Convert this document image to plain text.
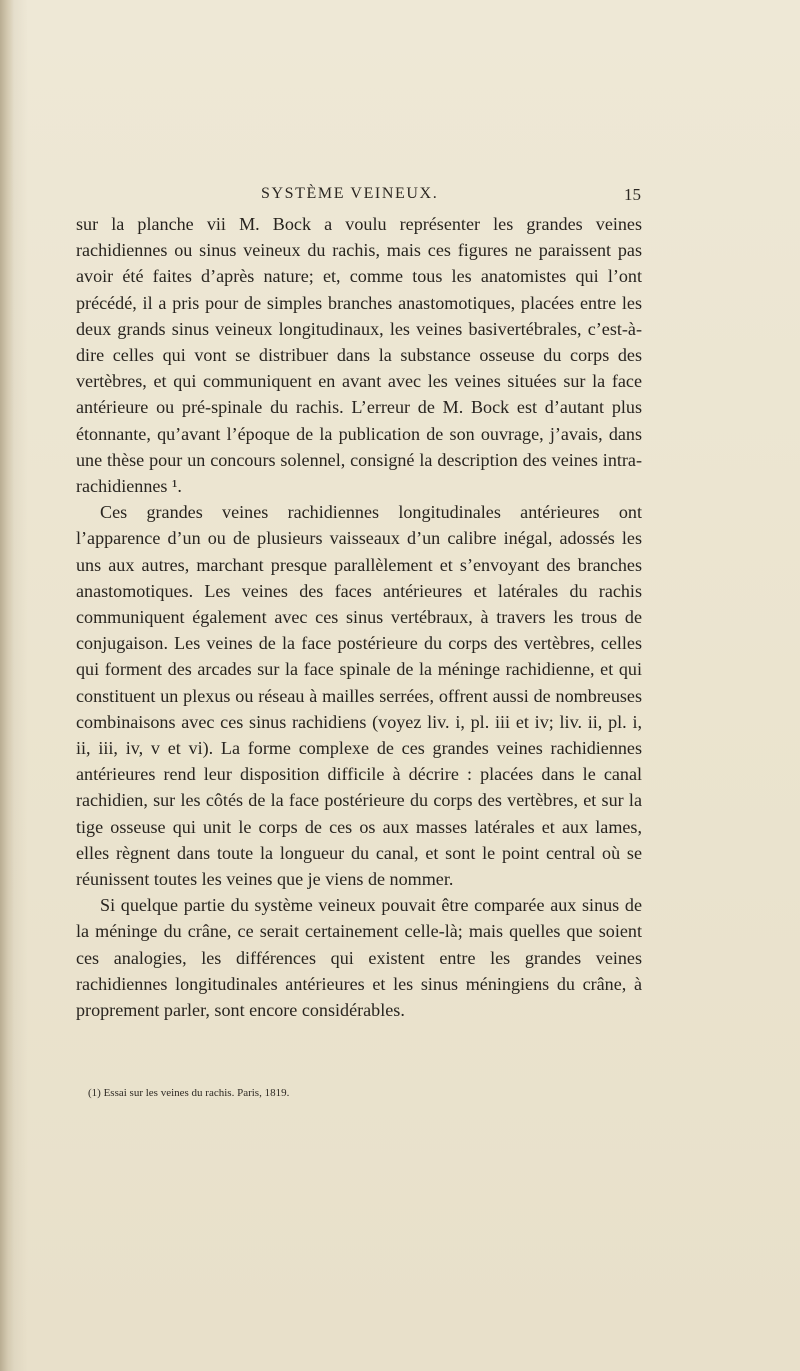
SYSTÈME VEINEUX.	15

sur la planche vii M. Bock a voulu représenter les grandes veines rachidiennes ou sinus veineux du rachis, mais ces figures ne paraissent pas avoir été faites d’après nature; et, comme tous les anatomistes qui l’ont précédé, il a pris pour de simples branches anastomotiques, placées entre les deux grands sinus veineux longitudinaux, les veines basivertébrales, c’est-à-dire celles qui vont se distribuer dans la substance osseuse du corps des vertèbres, et qui communiquent en avant avec les veines situées sur la face antérieure ou pré-spinale du rachis. L’erreur de M. Bock est d’autant plus étonnante, qu’avant l’époque de la publication de son ouvrage, j’avais, dans une thèse pour un concours solennel, consigné la description des veines intra-rachidiennes ¹.

Ces grandes veines rachidiennes longitudinales antérieures ont l’apparence d’un ou de plusieurs vaisseaux d’un calibre inégal, adossés les uns aux autres, marchant presque parallèlement et s’envoyant des branches anastomotiques. Les veines des faces antérieures et latérales du rachis communiquent également avec ces sinus vertébraux, à travers les trous de conjugaison. Les veines de la face postérieure du corps des vertèbres, celles qui forment des arcades sur la face spinale de la méninge rachidienne, et qui constituent un plexus ou réseau à mailles serrées, offrent aussi de nombreuses combinaisons avec ces sinus rachidiens (voyez liv. i, pl. iii et iv; liv. ii, pl. i, ii, iii, iv, v et vi). La forme complexe de ces grandes veines rachidiennes antérieures rend leur disposition difficile à décrire : placées dans le canal rachidien, sur les côtés de la face postérieure du corps des vertèbres, et sur la tige osseuse qui unit le corps de ces os aux masses latérales et aux lames, elles règnent dans toute la longueur du canal, et sont le point central où se réunissent toutes les veines que je viens de nommer.

Si quelque partie du système veineux pouvait être comparée aux sinus de la méninge du crâne, ce serait certainement celle-là; mais quelles que soient ces analogies, les différences qui existent entre les grandes veines rachidiennes longitudinales antérieures et les sinus méningiens du crâne, à proprement parler, sont encore considérables.

(1) Essai sur les veines du rachis. Paris, 1819.
